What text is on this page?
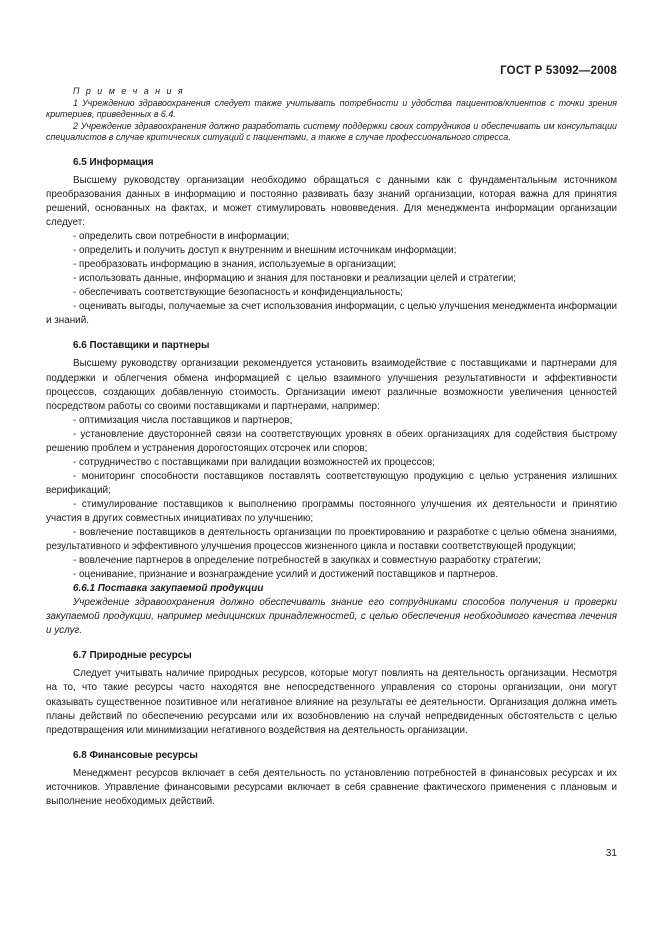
ГОСТ Р 53092—2008

П р и м е ч а н и я

1 Учреждению здравоохранения следует также учитывать потребности и удобства пациентов/клиентов с точки зрения критериев, приведенных в 6.4.

2 Учреждение здравоохранения должно разработать систему поддержки своих сотрудников и обеспечивать им консультации специалистов в случае критических ситуаций с пациентами, а также в случае профессионального стресса.

6.5 Информация

Высшему руководству организации необходимо обращаться с данными как с фундаментальным источником преобразования данных в информацию и постоянно развивать базу знаний организации, которая важна для принятия решений, основанных на фактах, и может стимулировать нововведения. Для менеджмента информации организации следует:

- определить свои потребности в информации;
- определить и получить доступ к внутренним и внешним источникам информации;
- преобразовать информацию в знания, используемые в организации;
- использовать данные, информацию и знания для постановки и реализации целей и стратегии;
- обеспечивать соответствующие безопасность и конфиденциальность;
- оценивать выгоды, получаемые за счет использования информации, с целью улучшения менеджмента информации и знаний.
6.6 Поставщики и партнеры

Высшему руководству организации рекомендуется установить взаимодействие с поставщиками и партнерами для поддержки и облегчения обмена информацией с целью взаимного улучшения результативности и эффективности процессов, создающих добавленную стоимость. Организации имеют различные возможности увеличения ценностей посредством работы со своими поставщиками и партнерами, например:

- оптимизация числа поставщиков и партнеров;
- установление двусторонней связи на соответствующих уровнях в обеих организациях для содействия быстрому решению проблем и устранения дорогостоящих отсрочек или споров;
- сотрудничество с поставщиками при валидации возможностей их процессов;
- мониторинг способности поставщиков поставлять соответствующую продукцию с целью устранения излишних верификаций;
- стимулирование поставщиков к выполнению программы постоянного улучшения их деятельности и принятию участия в других совместных инициативах по улучшению;
- вовлечение поставщиков в деятельность организации по проектированию и разработке с целью обмена знаниями, результативного и эффективного улучшения процессов жизненного цикла и поставки соответствующей продукции;
- вовлечение партнеров в определение потребностей в закупках и совместную разработку стратегии;
- оценивание, признание и вознаграждение усилий и достижений поставщиков и партнеров.
6.6.1 Поставка закупаемой продукции
Учреждение здравоохранения должно обеспечивать знание его сотрудниками способов получения и проверки закупаемой продукции, например медицинских принадлежностей, с целью обеспечения необходимого качества лечения и услуг.
6.7 Природные ресурсы

Следует учитывать наличие природных ресурсов, которые могут повлиять на деятельность организации. Несмотря на то, что такие ресурсы часто находятся вне непосредственного управления со стороны организации, они могут оказывать существенное позитивное или негативное влияние на результаты ее деятельности. Организация должна иметь планы действий по обеспечению ресурсами или их возобновлению на случай непредвиденных обстоятельств с целью предотвращения или минимизации негативного воздействия на деятельность организации.

6.8 Финансовые ресурсы

Менеджмент ресурсов включает в себя деятельность по установлению потребностей в финансовых ресурсах и их источников. Управление финансовыми ресурсами включает в себя сравнение фактического применения с плановым и выполнение необходимых действий.

31
